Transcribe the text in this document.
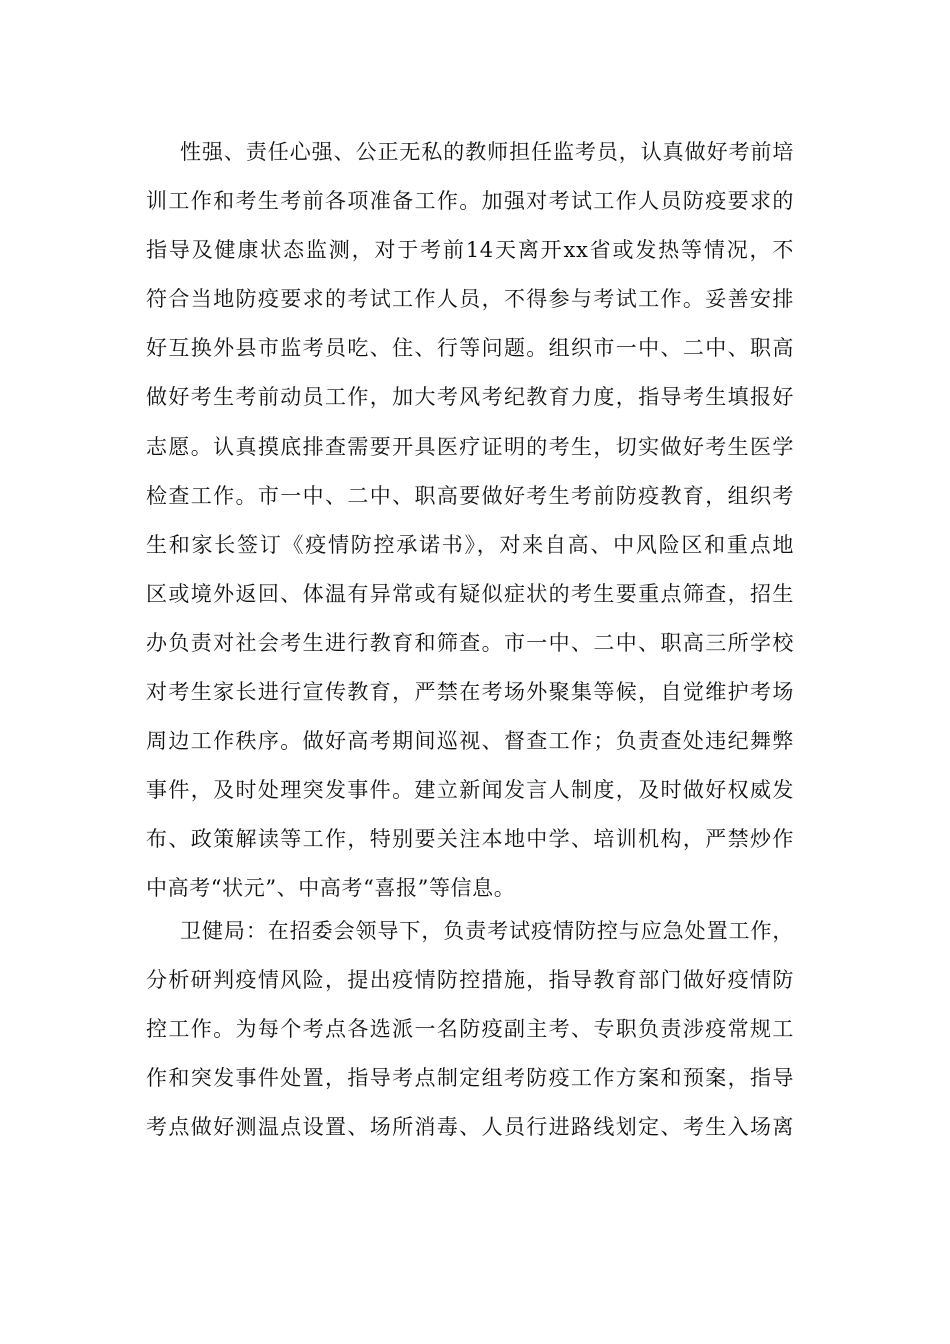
性强、责任心强、公正无私的教师担任监考员，认真做好考前培
训工作和考生考前各项准备工作。加强对考试工作人员防疫要求的
指导及健康状态监测，对于考前14天离开xx省或发热等情况，不
符合当地防疫要求的考试工作人员，不得参与考试工作。妥善安排
好互换外县市监考员吃、住、行等问题。组织市一中、二中、职高
做好考生考前动员工作，加大考风考纪教育力度，指导考生填报好
志愿。认真摸底排查需要开具医疗证明的考生，切实做好考生医学
检查工作。市一中、二中、职高要做好考生考前防疫教育，组织考
生和家长签订《疫情防控承诺书》，对来自高、中风险区和重点地
区或境外返回、体温有异常或有疑似症状的考生要重点筛查，招生
办负责对社会考生进行教育和筛查。市一中、二中、职高三所学校
对考生家长进行宣传教育，严禁在考场外聚集等候，自觉维护考场
周边工作秩序。做好高考期间巡视、督查工作；负责查处违纪舞弊
事件，及时处理突发事件。建立新闻发言人制度，及时做好权威发
布、政策解读等工作，特别要关注本地中学、培训机构，严禁炒作
中高考“状元”、中高考“喜报”等信息。
卫健局：在招委会领导下，负责考试疫情防控与应急处置工作，
分析研判疫情风险，提出疫情防控措施，指导教育部门做好疫情防
控工作。为每个考点各选派一名防疫副主考、专职负责涉疫常规工
作和突发事件处置，指导考点制定组考防疫工作方案和预案，指导
考点做好测温点设置、场所消毒、人员行进路线划定、考生入场离
